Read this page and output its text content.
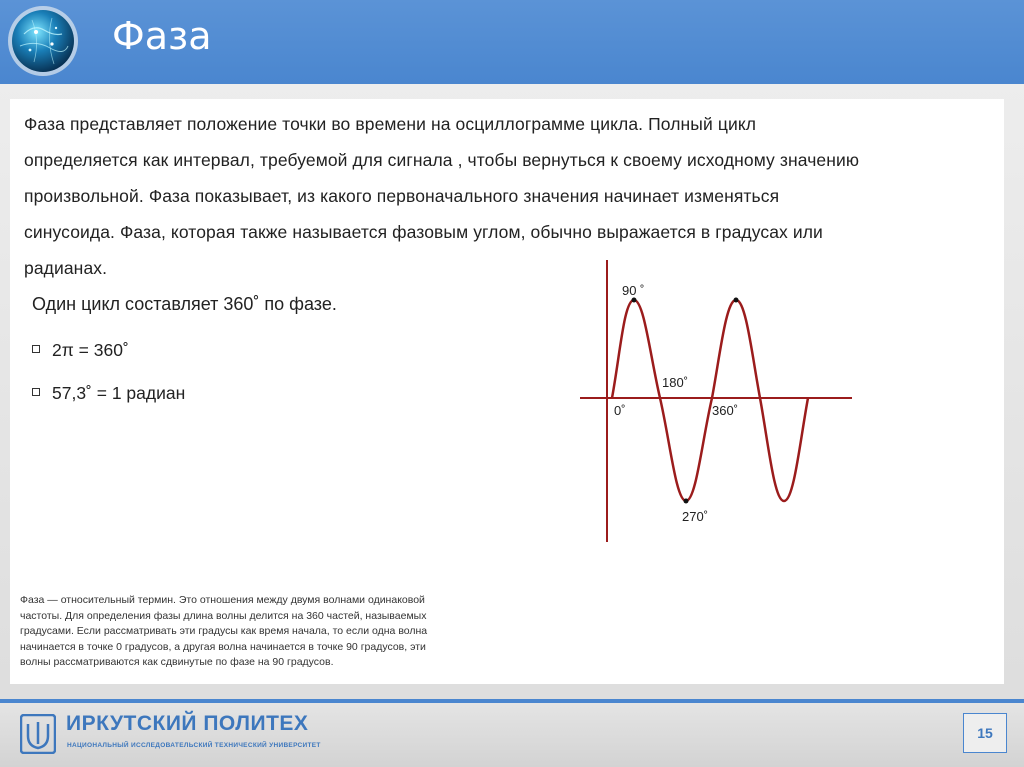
Фаза
Фаза представляет положение точки во времени на осциллограмме цикла. Полный цикл
определяется как интервал, требуемой для сигнала , чтобы вернуться к своему исходному значению
произвольной. Фаза показывает, из какого первоначального значения начинает изменяться
синусоида. Фаза, которая также называется фазовым углом, обычно выражается в градусах или
радианах.
Один цикл составляет 360˚ по фазе.
2π = 360˚
57,3˚ = 1 радиан
90 ˚
180˚
0˚	360˚
270˚
Фаза — относительный термин. Это отношения между двумя волнами одинаковой
частоты. Для определения фазы длина волны делится на 360 частей, называемых
градусами. Если рассматривать эти градусы как время начала, то если одна волна
начинается в точке 0 градусов, а другая волна начинается в точке 90 градусов, эти
волны рассматриваются как сдвинутые по фазе на 90 градусов.
ИРКУТСКИЙ ПОЛИТЕХ
НАЦИОНАЛЬНЫЙ ИССЛЕДОВАТЕЛЬСКИЙ ТЕХНИЧЕСКИЙ УНИВЕРСИТЕТ
15
